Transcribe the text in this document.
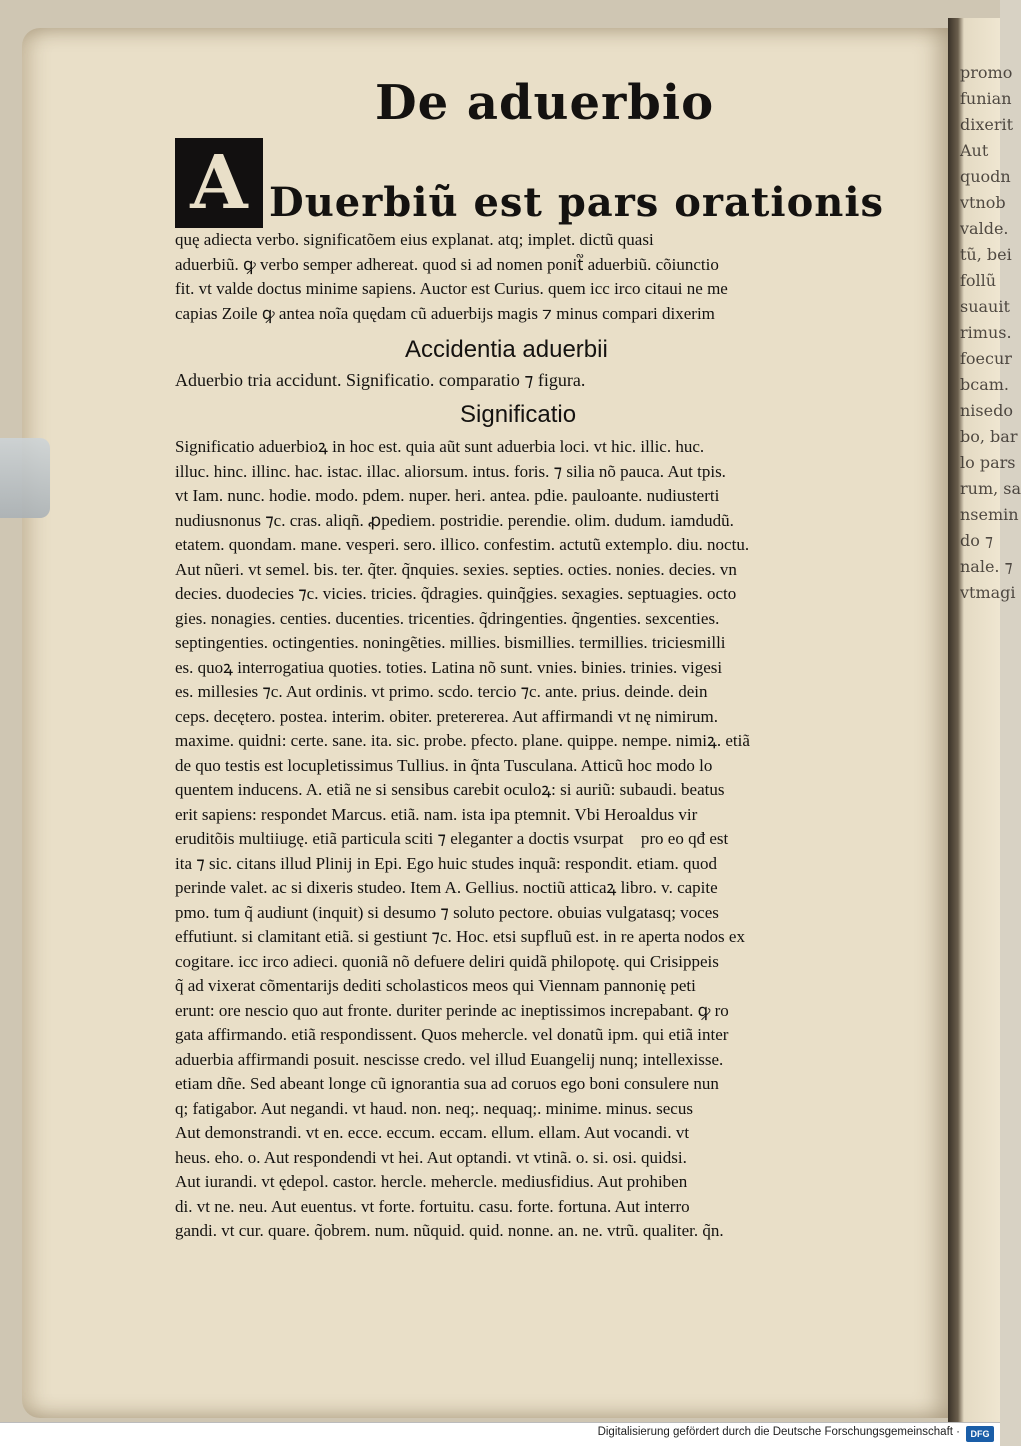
promo
funian
dixerit
Aut
quodn
vtnob
valde.
tũ, bei
follũ
suauit
rimus.
foecur
bcam.
nisedo
bo, bar
lo pars
rum, sa
nsemin
do ⁊
nale. ⁊
vtmagi
De aduerbio
A Duerbiũ est pars orationis
quę adiecta verbo. significatõem eius explanat. atq; implet. dictũ quasi
aduerbiũ. ꝙ verbo semper adhereat. quod si ad nomen ponit᷑ aduerbiũ. cõiunctio
fit. vt valde doctus minime sapiens. Auctor est Curius. quem icc irco citaui ne me
capias Zoile ꝙ antea noĩa quędam cũ aduerbijs magis ⁊ minus compari dixerim
Accidentia aduerbii
Aduerbio tria accidunt. Significatio. comparatio ⁊ figura.
Significatio
Significatio aduerbioꝝ in hoc est. quia aũt sunt aduerbia loci. vt hic. illic. huc.
illuc. hinc. illinc. hac. istac. illac. aliorsum. intus. foris. ⁊ silia nõ pauca. Aut tpis.
vt Iam. nunc. hodie. modo. pdem. nuper. heri. antea. pdie. pauloante. nudiusterti
nudiusnonus ⁊c. cras. aliqñ. ꝓpediem. postridie. perendie. olim. dudum. iamdudũ.
etatem. quondam. mane. vesperi. sero. illico. confestim. actutũ extemplo. diu. noctu.
Aut nũeri. vt semel. bis. ter. q̃ter. q̃nquies. sexies. septies. octies. nonies. decies. vn
decies. duodecies ⁊c. vicies. tricies. q̃dragies. quinq̃gies. sexagies. septuagies. octo
gies. nonagies. centies. ducenties. tricenties. q̃dringenties. q̃ngenties. sexcenties.
septingenties. octingenties. noningẽties. millies. bismillies. termillies. triciesmilli
es. quoꝝ interrogatiua quoties. toties. Latina nõ sunt. vnies. binies. trinies. vigesi
es. millesies ⁊c. Aut ordinis. vt primo. scdo. tercio ⁊c. ante. prius. deinde. dein
ceps. decętero. postea. interim. obiter. pretererea. Aut affirmandi vt nę nimirum.
maxime. quidni: certe. sane. ita. sic. probe. pfecto. plane. quippe. nempe. nimiꝝ. etiã
de quo testis est locupletissimus Tullius. in q̃nta Tusculana. Atticũ hoc modo lo
quentem inducens. A. etiã ne si sensibus carebit oculoꝝ: si auriũ: subaudi. beatus
erit sapiens: respondet Marcus. etiã. nam. ista ipa ptemnit. Vbi Heroaldus vir
eruditõis multiiugę. etiã particula sciti ⁊ eleganter a doctis vsurpat᷑ pro eo qđ est
ita ⁊ sic. citans illud Plinij in Epi. Ego huic studes inquã: respondit. etiam. quod
perinde valet. ac si dixeris studeo. Item A. Gellius. noctiũ atticaꝝ libro. v. capite
pmo. tum q̃ audiunt (inquit) si desumo ⁊ soluto pectore. obuias vulgatasq; voces
effutiunt. si clamitant etiã. si gestiunt ⁊c. Hoc. etsi supfluũ est. in re aperta nodos ex
cogitare. icc irco adieci. quoniã nõ defuere deliri quidã philopotę. qui Crisippeis
q̃ ad vixerat cõmentarijs dediti scholasticos meos qui Viennam pannonię peti
erunt: ore nescio quo aut fronte. duriter perinde ac ineptissimos increpabant. ꝙ ro
gata affirmando. etiã respondissent. Quos mehercle. vel donatũ ipm. qui etiã inter
aduerbia affirmandi posuit. nescisse credo. vel illud Euangelij nunq; intellexisse.
etiam dñe. Sed abeant longe cũ ignorantia sua ad coruos ego boni consulere nun
q; fatigabor. Aut negandi. vt haud. non. neq;. nequaq;. minime. minus. secus
Aut demonstrandi. vt en. ecce. eccum. eccam. ellum. ellam. Aut vocandi. vt
heus. eho. o. Aut respondendi vt hei. Aut optandi. vt vtinã. o. si. osi. quidsi.
Aut iurandi. vt ędepol. castor. hercle. mehercle. mediusfidius. Aut prohiben
di. vt ne. neu. Aut euentus. vt forte. fortuitu. casu. forte. fortuna. Aut interro
gandi. vt cur. quare. q̃obrem. num. nũquid. quid. nonne. an. ne. vtrũ. qualiter. q̃n.
Digitalisierung gefördert durch die Deutsche Forschungsgemeinschaft ·	DFG
